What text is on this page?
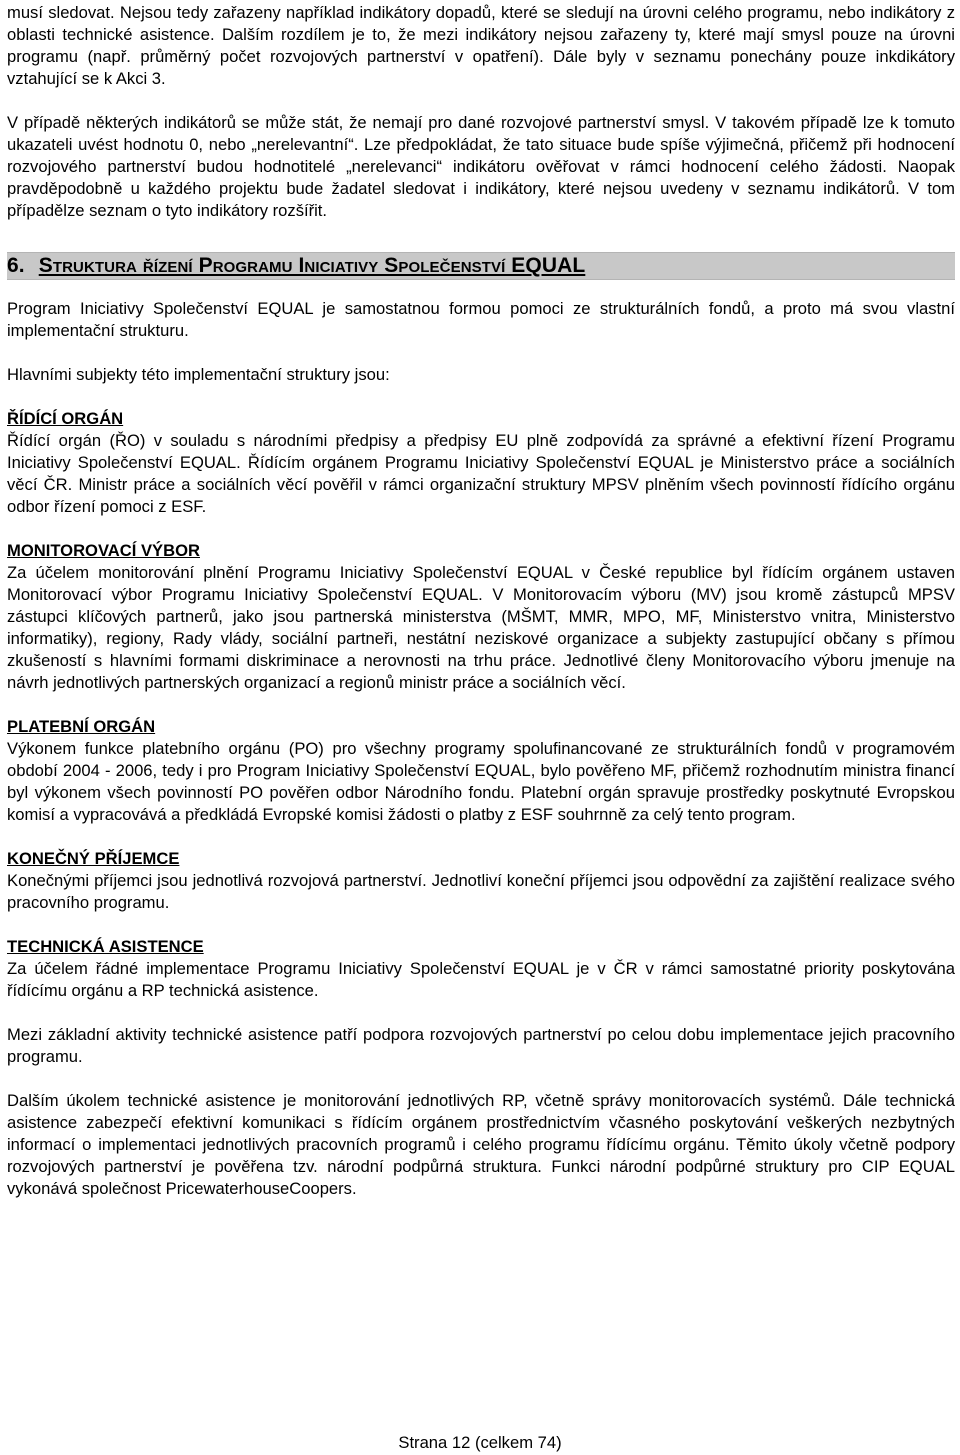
musí sledovat. Nejsou tedy zařazeny například indikátory dopadů, které se sledují na úrovni celého programu, nebo indikátory z oblasti technické asistence. Dalším rozdílem je to, že mezi indikátory nejsou zařazeny ty, které mají smysl pouze na úrovni programu (např. průměrný počet rozvojových partnerství v opatření). Dále byly v seznamu ponechány pouze inkdikátory vztahující se k Akci 3.

V případě některých indikátorů se může stát, že nemají pro dané rozvojové partnerství smysl. V takovém případě lze k tomuto ukazateli uvést hodnotu 0, nebo „nerelevantní“. Lze předpokládat, že tato situace bude spíše výjimečná, přičemž při hodnocení rozvojového partnerství budou hodnotitelé „nerelevanci“ indikátoru ověřovat v rámci hodnocení celého žádosti. Naopak pravděpodobně u každého projektu bude žadatel sledovat i indikátory, které nejsou uvedeny v seznamu indikátorů. V tom případělze seznam o tyto indikátory rozšířit.

6. Struktura řízení Programu Iniciativy Společenství EQUAL

Program Iniciativy Společenství EQUAL je samostatnou formou pomoci ze strukturálních fondů, a proto má svou vlastní implementační strukturu.

Hlavními subjekty této implementační struktury jsou:

ŘÍDÍCÍ ORGÁN

Řídící orgán (ŘO) v souladu s národními předpisy a předpisy EU plně zodpovídá za správné a efektivní řízení Programu Iniciativy Společenství EQUAL. Řídícím orgánem Programu Iniciativy Společenství EQUAL je Ministerstvo práce a sociálních věcí ČR. Ministr práce a sociálních věcí pověřil v rámci organizační struktury MPSV plněním všech povinností řídícího orgánu odbor řízení pomoci z ESF.

MONITOROVACÍ VÝBOR

Za účelem monitorování plnění Programu Iniciativy Společenství EQUAL v České republice byl řídícím orgánem ustaven Monitorovací výbor Programu Iniciativy Společenství EQUAL. V Monitorovacím výboru (MV) jsou kromě zástupců MPSV zástupci klíčových partnerů, jako jsou partnerská ministerstva (MŠMT, MMR, MPO, MF, Ministerstvo vnitra, Ministerstvo informatiky), regiony, Rady vlády, sociální partneři, nestátní neziskové organizace a subjekty zastupující občany s přímou zkušeností s hlavními formami diskriminace a nerovnosti na trhu práce. Jednotlivé členy Monitorovacího výboru jmenuje na návrh jednotlivých partnerských organizací a regionů ministr práce a sociálních věcí.

PLATEBNÍ ORGÁN

Výkonem funkce platebního orgánu (PO) pro všechny programy spolufinancované ze strukturálních fondů v programovém období 2004 - 2006, tedy i pro Program Iniciativy Společenství EQUAL, bylo pověřeno MF, přičemž rozhodnutím ministra financí byl výkonem všech povinností PO pověřen odbor Národního fondu. Platební orgán spravuje prostředky poskytnuté Evropskou komisí a vypracovává a předkládá Evropské komisi žádosti o platby z ESF souhrnně za celý tento program.

KONEČNÝ PŘÍJEMCE

Konečnými příjemci jsou jednotlivá rozvojová partnerství. Jednotliví koneční příjemci jsou odpovědní za zajištění realizace svého pracovního programu.

TECHNICKÁ ASISTENCE

Za účelem řádné implementace Programu Iniciativy Společenství EQUAL je v ČR v rámci samostatné priority poskytována řídícímu orgánu a RP technická asistence.

Mezi základní aktivity technické asistence patří podpora rozvojových partnerství po celou dobu implementace jejich pracovního programu.

Dalším úkolem technické asistence je monitorování jednotlivých RP, včetně správy monitorovacích systémů. Dále technická asistence zabezpečí efektivní komunikaci s řídícím orgánem prostřednictvím včasného poskytování veškerých nezbytných informací o implementaci jednotlivých pracovních programů i celého programu řídícímu orgánu. Těmito úkoly včetně podpory rozvojových partnerství je pověřena tzv. národní podpůrná struktura. Funkci národní podpůrné struktury pro CIP EQUAL vykonává společnost PricewaterhouseCoopers.

Strana 12 (celkem 74)
